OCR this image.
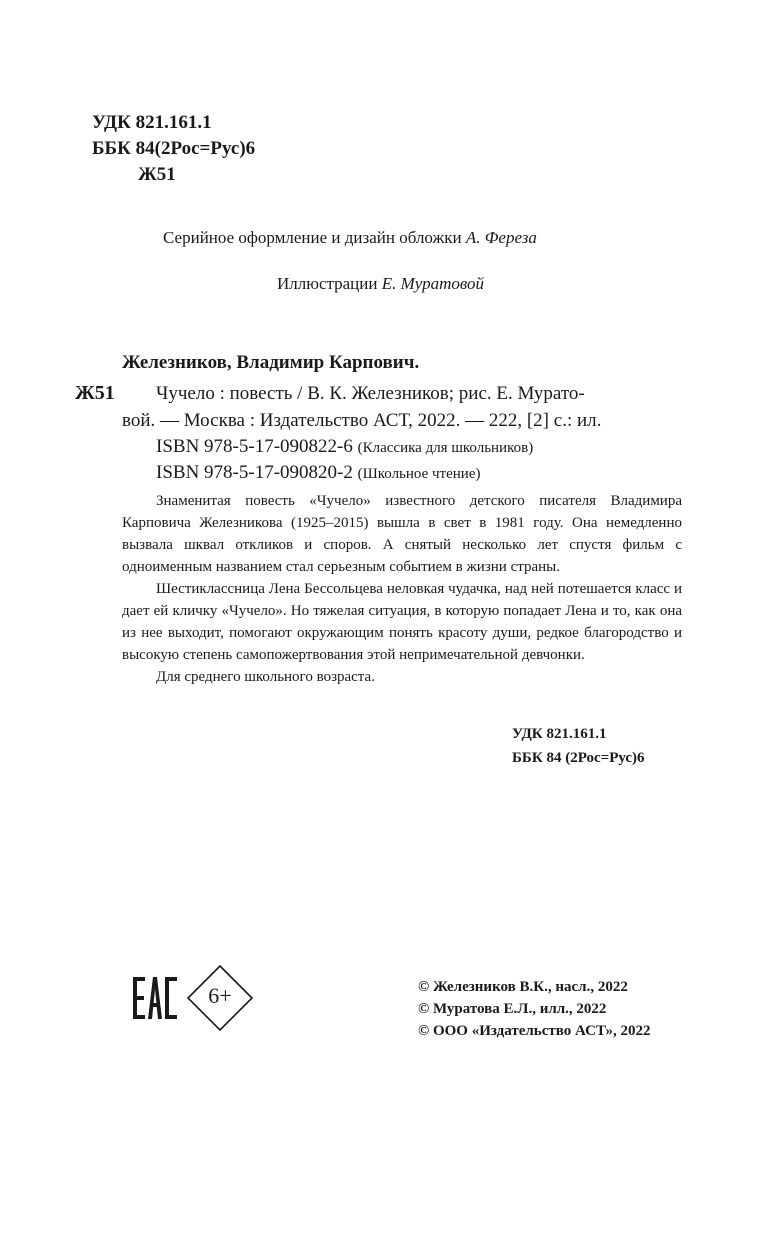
УДК 821.161.1
ББК 84(2Рос=Рус)6
Ж51
Серийное оформление и дизайн обложки А. Фереза
Иллюстрации Е. Муратовой
Железников, Владимир Карпович.
Ж51	Чучело : повесть / В. К. Железников; рис. Е. Мурато-
вой. — Москва : Издательство АСТ, 2022. — 222, [2] с.: ил.
ISBN 978-5-17-090822-6 (Классика для школьников)
ISBN 978-5-17-090820-2 (Школьное чтение)

Знаменитая повесть «Чучело» известного детского писателя Владимира Карповича Железникова (1925–2015) вышла в свет в 1981 году. Она немедленно вызвала шквал откликов и споров. А снятый несколько лет спустя фильм с одноименным названием стал серьезным событием в жизни страны.

Шестиклассница Лена Бессольцева неловкая чудачка, над ней потешается класс и дает ей кличку «Чучело». Но тяжелая ситуация, в которую попадает Лена и то, как она из нее выходит, помогают окружающим понять красоту души, редкое благородство и высокую степень самопожертвования этой непримечательной девчонки.

Для среднего школьного возраста.

УДК 821.161.1
ББК 84 (2Рос=Рус)6
6+	© Железников В.К., насл., 2022
© Муратова Е.Л., илл., 2022
© ООО «Издательство АСТ», 2022
